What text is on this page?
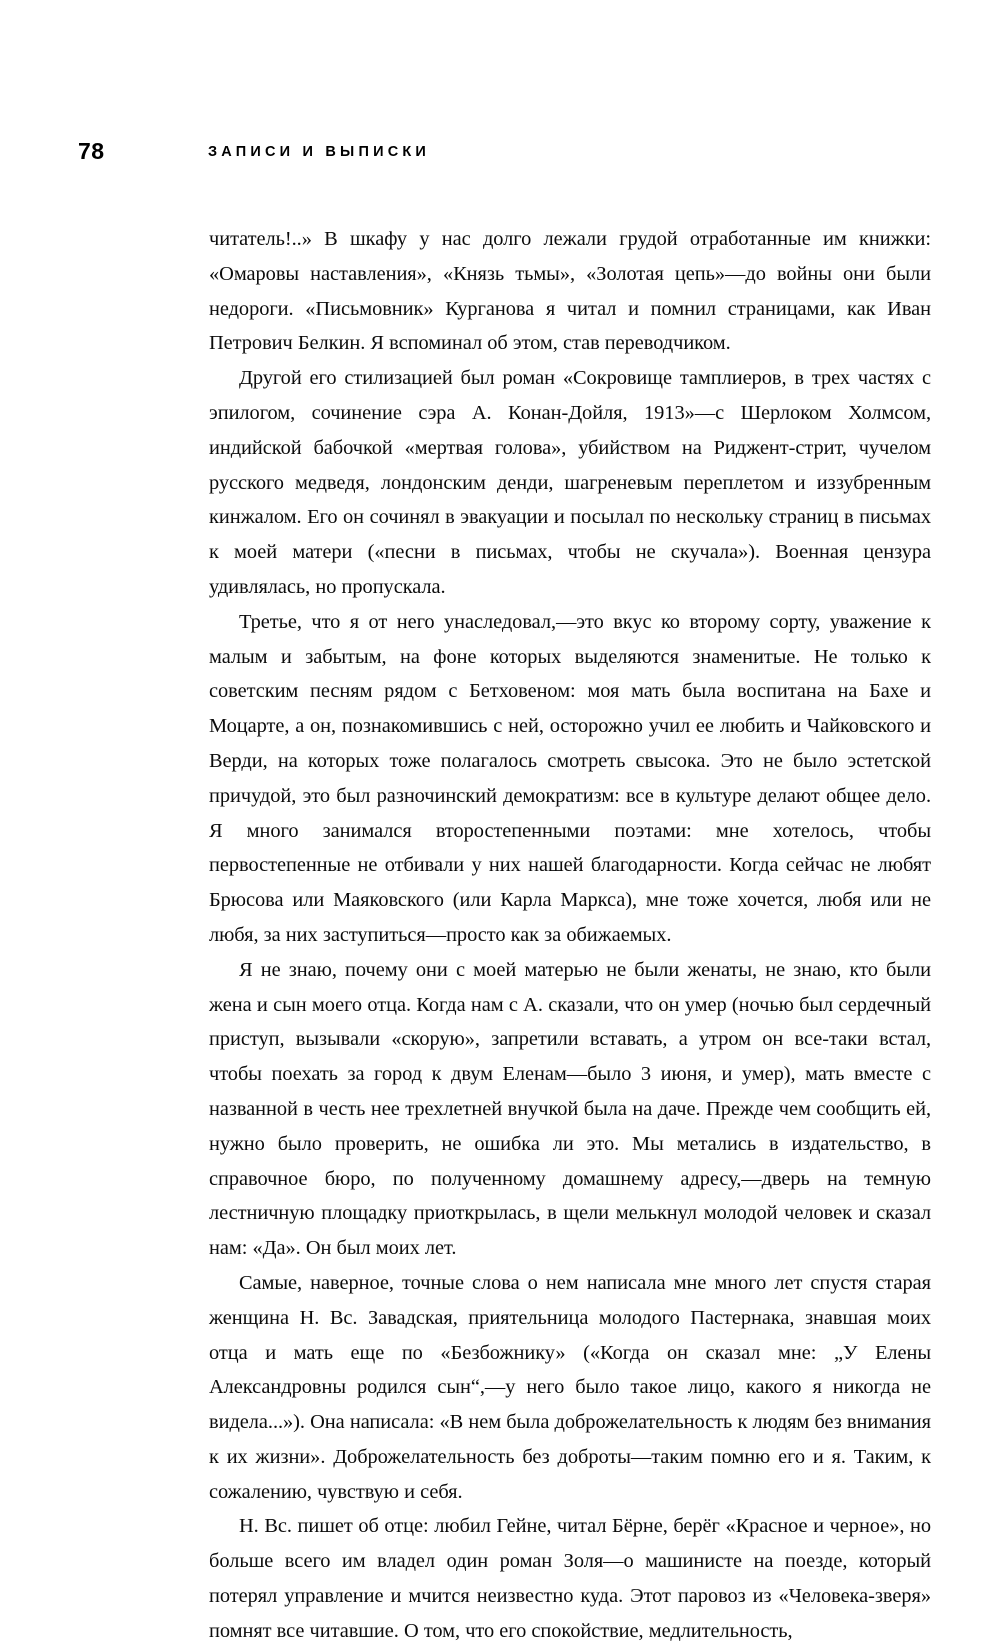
78	ЗАПИСИ И ВЫПИСКИ

читатель!..» В шкафу у нас долго лежали грудой отработанные им книжки: «Омаровы наставления», «Князь тьмы», «Золотая цепь»—до войны они были недороги. «Письмовник» Курганова я читал и помнил страницами, как Иван Петрович Белкин. Я вспоминал об этом, став переводчиком.

Другой его стилизацией был роман «Сокровище тамплиеров, в трех частях с эпилогом, сочинение сэра А. Конан-Дойля, 1913»—с Шерлоком Холмсом, индийской бабочкой «мертвая голова», убийством на Риджент-стрит, чучелом русского медведя, лондонским денди, шагреневым переплетом и иззубренным кинжалом. Его он сочинял в эвакуации и посылал по нескольку страниц в письмах к моей матери («песни в письмах, чтобы не скучала»). Военная цензура удивлялась, но пропускала.

Третье, что я от него унаследовал,—это вкус ко второму сорту, уважение к малым и забытым, на фоне которых выделяются знаменитые. Не только к советским песням рядом с Бетховеном: моя мать была воспитана на Бахе и Моцарте, а он, познакомившись с ней, осторожно учил ее любить и Чайковского и Верди, на которых тоже полагалось смотреть свысока. Это не было эстетской причудой, это был разночинский демократизм: все в культуре делают общее дело. Я много занимался второстепенными поэтами: мне хотелось, чтобы первостепенные не отбивали у них нашей благодарности. Когда сейчас не любят Брюсова или Маяковского (или Карла Маркса), мне тоже хочется, любя или не любя, за них заступиться—просто как за обижаемых.

Я не знаю, почему они с моей матерью не были женаты, не знаю, кто были жена и сын моего отца. Когда нам с А. сказали, что он умер (ночью был сердечный приступ, вызывали «скорую», запретили вставать, а утром он все-таки встал, чтобы поехать за город к двум Еленам—было 3 июня, и умер), мать вместе с названной в честь нее трехлетней внучкой была на даче. Прежде чем сообщить ей, нужно было проверить, не ошибка ли это. Мы метались в издательство, в справочное бюро, по полученному домашнему адресу,—дверь на темную лестничную площадку приоткрылась, в щели мелькнул молодой человек и сказал нам: «Да». Он был моих лет.

Самые, наверное, точные слова о нем написала мне много лет спустя старая женщина Н. Вс. Завадская, приятельница молодого Пастернака, знавшая моих отца и мать еще по «Безбожнику» («Когда он сказал мне: „У Елены Александровны родился сын“,—у него было такое лицо, какого я никогда не видела...»). Она написала: «В нем была доброжелательность к людям без внимания к их жизни». Доброжелательность без доброты—таким помню его и я. Таким, к сожалению, чувствую и себя.

Н. Вс. пишет об отце: любил Гейне, читал Бёрне, берёг «Красное и черное», но больше всего им владел один роман Золя—о машинисте на поезде, который потерял управление и мчится неизвестно куда. Этот паровоз из «Человека-зверя» помнят все читавшие. О том, что его спокойствие, медлительность,
